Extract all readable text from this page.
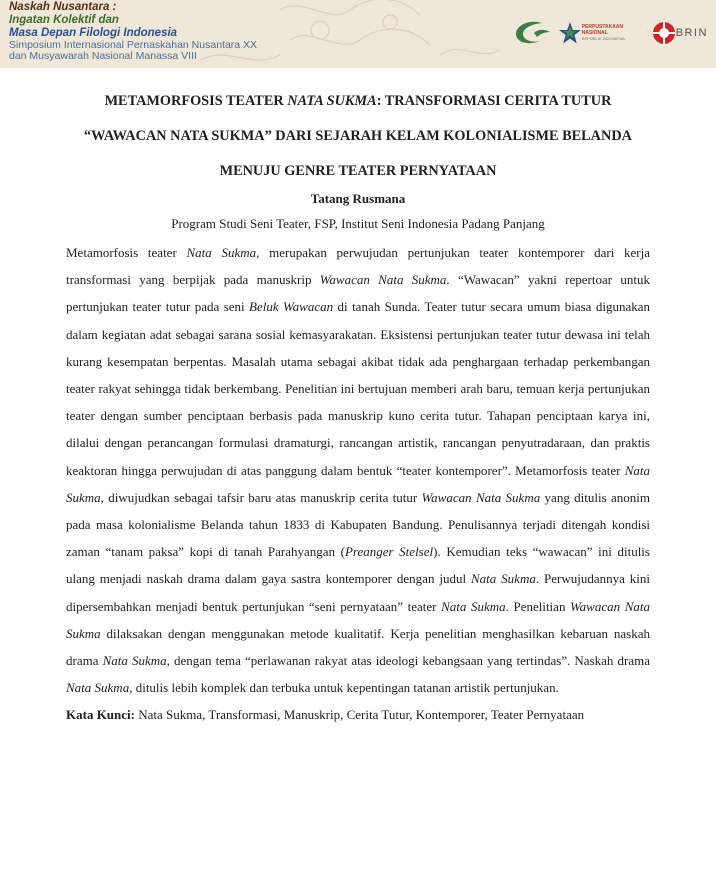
Naskah Nusantara :
Ingatan Kolektif dan
Masa Depan Filologi Indonesia
Simposium Internasional Pernaskahan Nusantara XX
dan Musyawarah Nasional Manassa VIII
PERPUSTAKAAN NASIONAL
REPUBLIK INDONESIA	BRIN
METAMORFOSIS TEATER NATA SUKMA: TRANSFORMASI CERITA TUTUR “WAWACAN NATA SUKMA” DARI SEJARAH KELAM KOLONIALISME BELANDA MENUJU GENRE TEATER PERNYATAAN
Tatang Rusmana
Program Studi Seni Teater, FSP, Institut Seni Indonesia Padang Panjang

Metamorfosis teater Nata Sukma, merupakan perwujudan pertunjukan teater kontemporer dari kerja transformasi yang berpijak pada manuskrip Wawacan Nata Sukma. “Wawacan” yakni repertoar untuk pertunjukan teater tutur pada seni Beluk Wawacan di tanah Sunda. Teater tutur secara umum biasa digunakan dalam kegiatan adat sebagai sarana sosial kemasyarakatan. Eksistensi pertunjukan teater tutur dewasa ini telah kurang kesempatan berpentas. Masalah utama sebagai akibat tidak ada penghargaan terhadap perkembangan teater rakyat sehingga tidak berkembang. Penelitian ini bertujuan memberi arah baru, temuan kerja pertunjukan teater dengan sumber penciptaan berbasis pada manuskrip kuno cerita tutur. Tahapan penciptaan karya ini, dilalui dengan perancangan formulasi dramaturgi, rancangan artistik, rancangan penyutradaraan, dan praktis keaktoran hingga perwujudan di atas panggung dalam bentuk “teater kontemporer”. Metamorfosis teater Nata Sukma, diwujudkan sebagai tafsir baru atas manuskrip cerita tutur Wawacan Nata Sukma yang ditulis anonim pada masa kolonialisme Belanda tahun 1833 di Kabupaten Bandung. Penulisannya terjadi ditengah kondisi zaman “tanam paksa” kopi di tanah Parahyangan (Preanger Stelsel). Kemudian teks “wawacan” ini ditulis ulang menjadi naskah drama dalam gaya sastra kontemporer dengan judul Nata Sukma. Perwujudannya kini dipersembahkan menjadi bentuk pertunjukan “seni pernyataan” teater Nata Sukma. Penelitian Wawacan Nata Sukma dilaksakan dengan menggunakan metode kualitatif. Kerja penelitian menghasilkan kebaruan naskah drama Nata Sukma, dengan tema “perlawanan rakyat atas ideologi kebangsaan yang tertindas”. Naskah drama Nata Sukma, ditulis lebih komplek dan terbuka untuk kepentingan tatanan artistik pertunjukan.

Kata Kunci: Nata Sukma, Transformasi, Manuskrip, Cerita Tutur, Kontemporer, Teater Pernyataan
